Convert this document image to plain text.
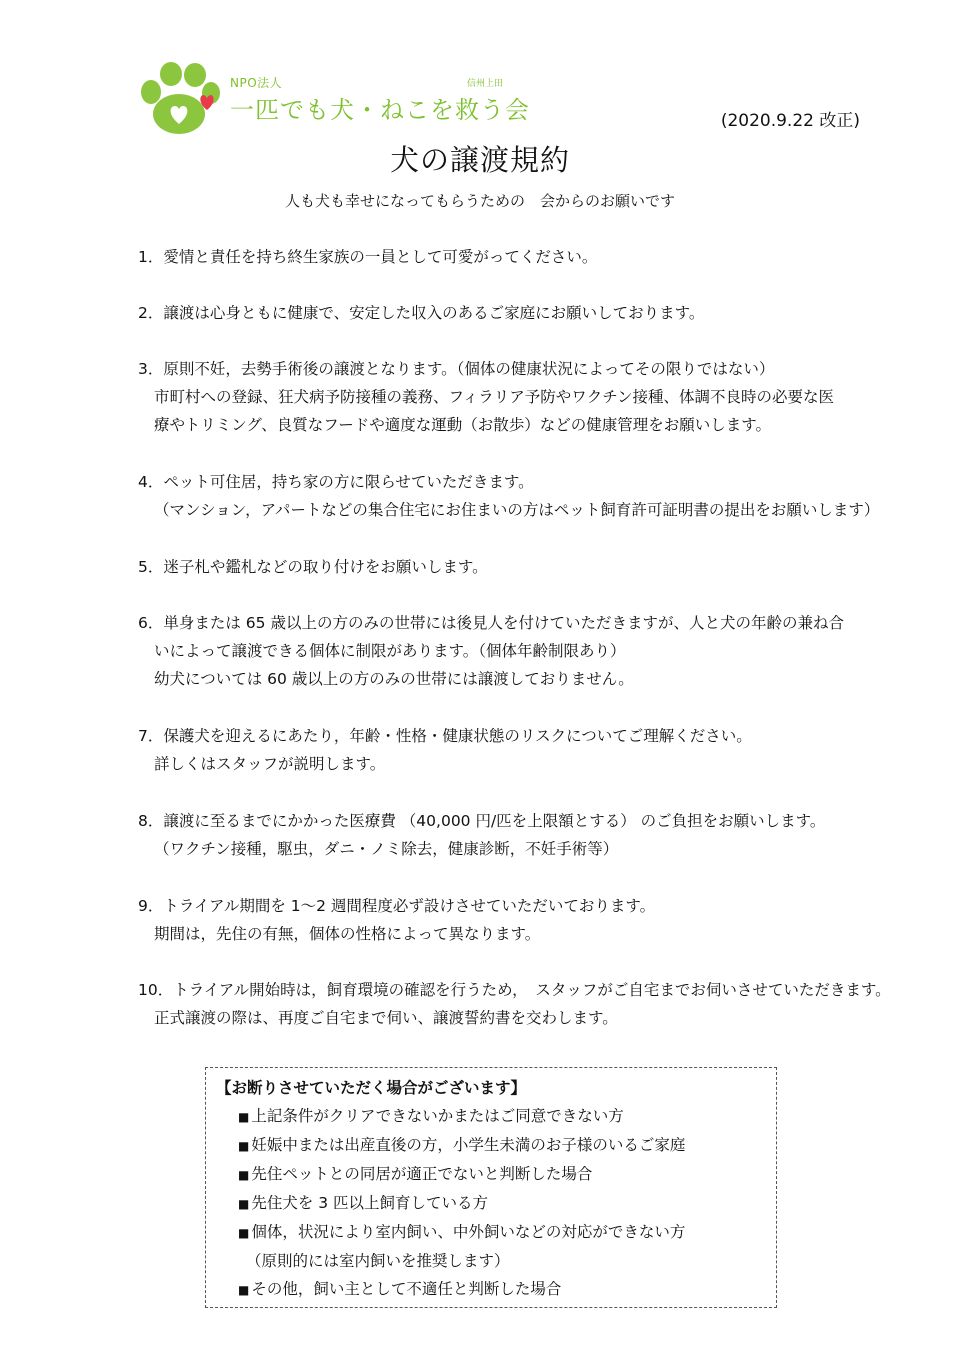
NPO法人	信州上田
一匹でも犬・ねこを救う会	(2020.9.22 改正)
犬の譲渡規約
人も犬も幸せになってもらうための　会からのお願いです
1．愛情と責任を持ち終生家族の一員として可愛がってください。
2．譲渡は心身ともに健康で、安定した収入のあるご家庭にお願いしております。
3．原則不妊，去勢手術後の譲渡となります。（個体の健康状況によってその限りではない）
市町村への登録、狂犬病予防接種の義務、フィラリア予防やワクチン接種、体調不良時の必要な医
療やトリミング、良質なフードや適度な運動（お散歩）などの健康管理をお願いします。
4．ペット可住居，持ち家の方に限らせていただきます。
（マンション，アパートなどの集合住宅にお住まいの方はペット飼育許可証明書の提出をお願いします）
5．迷子札や鑑札などの取り付けをお願いします。
6．単身または 65 歳以上の方のみの世帯には後見人を付けていただきますが、人と犬の年齢の兼ね合
いによって譲渡できる個体に制限があります。（個体年齢制限あり）
幼犬については 60 歳以上の方のみの世帯には譲渡しておりません。
7．保護犬を迎えるにあたり，年齢・性格・健康状態のリスクについてご理解ください。
詳しくはスタッフが説明します。
8．譲渡に至るまでにかかった医療費 （40,000 円/匹を上限額とする） のご負担をお願いします。
（ワクチン接種，駆虫，ダニ・ノミ除去，健康診断，不妊手術等）
9．トライアル期間を 1～2 週間程度必ず設けさせていただいております。
期間は，先住の有無，個体の性格によって異なります。
10．トライアル開始時は，飼育環境の確認を行うため，　スタッフがご自宅までお伺いさせていただきます。
正式譲渡の際は、再度ご自宅まで伺い、譲渡誓約書を交わします。
【お断りさせていただく場合がございます】
■ 上記条件がクリアできないかまたはご同意できない方
■ 妊娠中または出産直後の方，小学生未満のお子様のいるご家庭
■ 先住ペットとの同居が適正でないと判断した場合
■ 先住犬を 3 匹以上飼育している方
■ 個体，状況により室内飼い、中外飼いなどの対応ができない方
（原則的には室内飼いを推奨します）
■ その他，飼い主として不適任と判断した場合
